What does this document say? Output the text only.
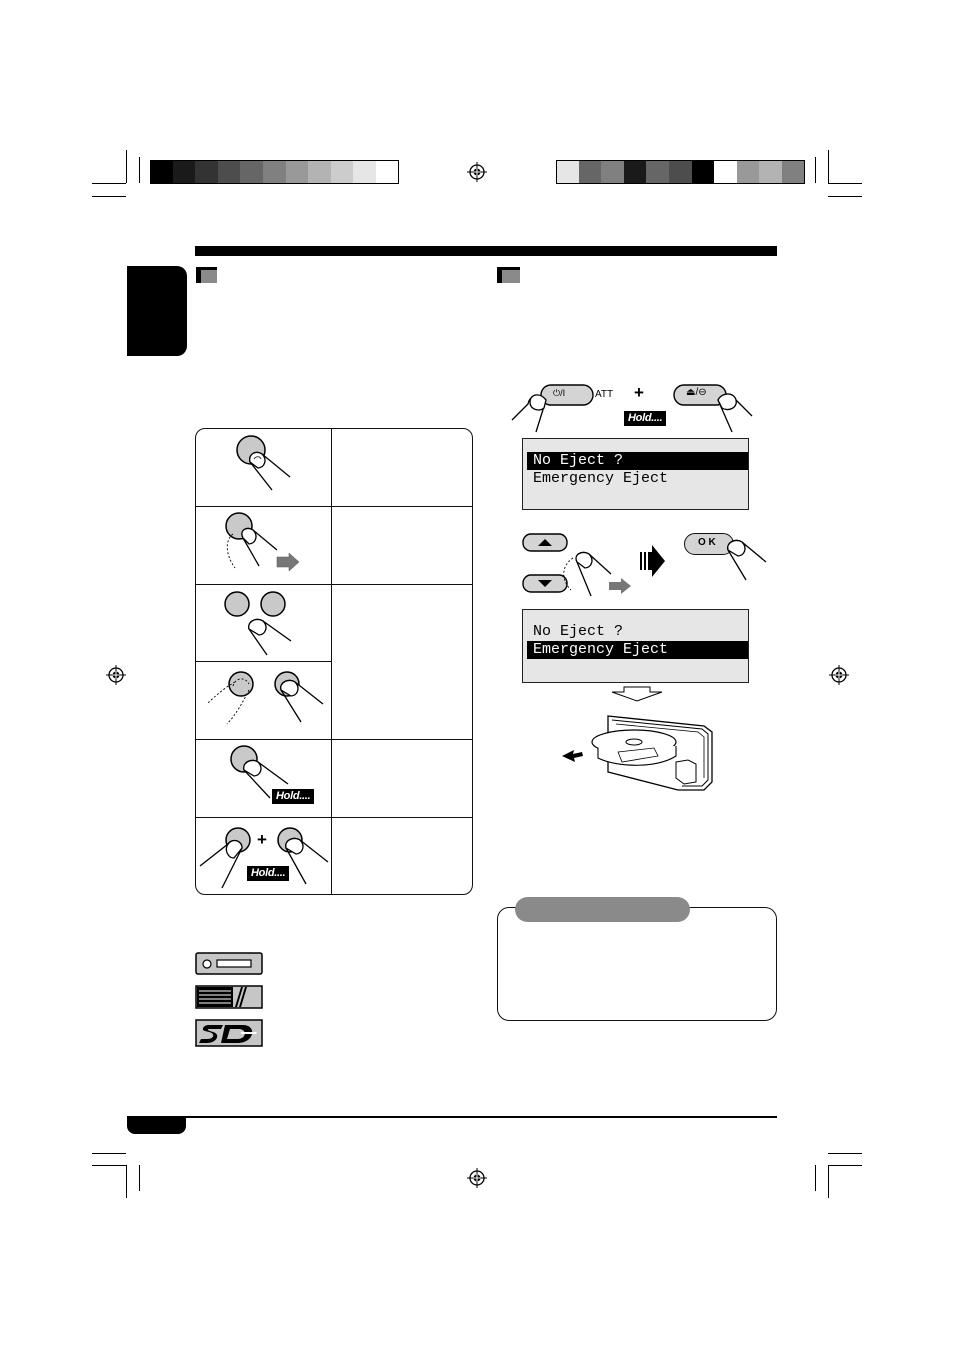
Hold....
+
Hold....
⏻/I	⏏/⊖
ATT +
Hold....
No Eject ?
Emergency Eject
O K
No Eject ?
Emergency Eject
